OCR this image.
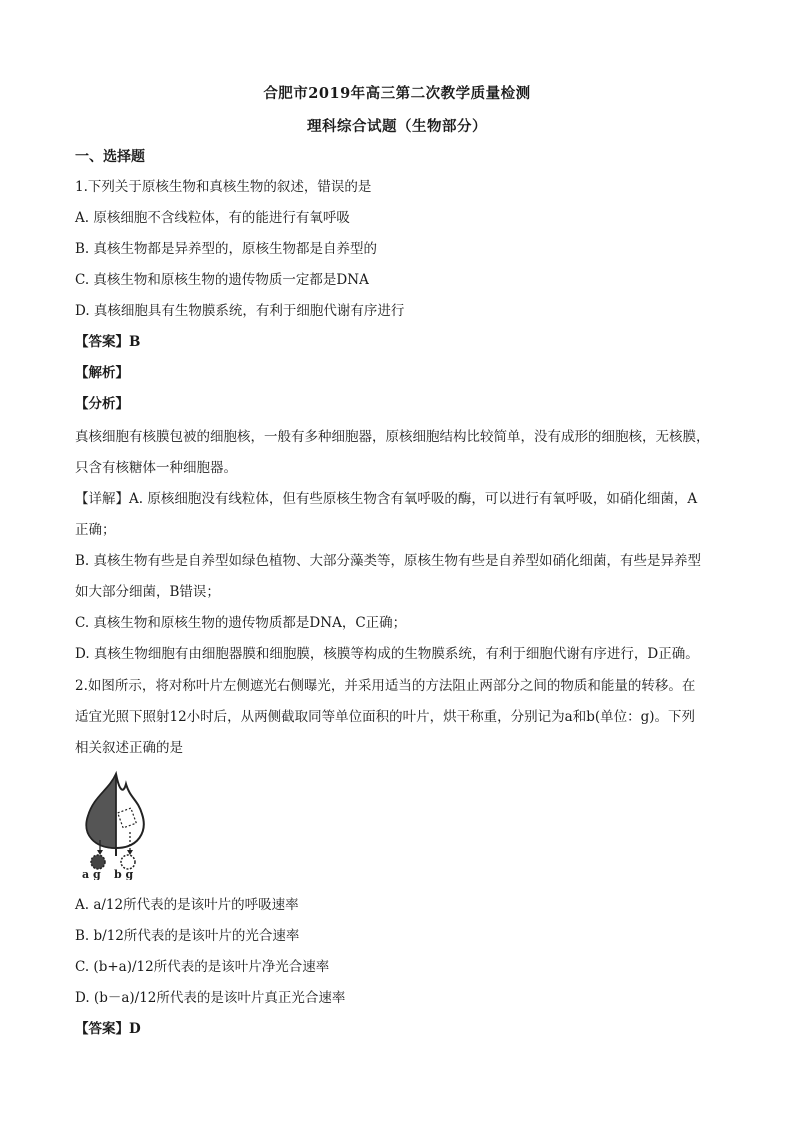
合肥市2019年高三第二次教学质量检测
理科综合试题（生物部分）
一、选择题
1.下列关于原核生物和真核生物的叙述，错误的是
A. 原核细胞不含线粒体，有的能进行有氧呼吸
B. 真核生物都是异养型的，原核生物都是自养型的
C. 真核生物和原核生物的遗传物质一定都是DNA
D. 真核细胞具有生物膜系统，有利于细胞代谢有序进行
【答案】B
【解析】
【分析】
真核细胞有核膜包被的细胞核，一般有多种细胞器，原核细胞结构比较简单，没有成形的细胞核，无核膜，
只含有核糖体一种细胞器。
【详解】A. 原核细胞没有线粒体，但有些原核生物含有氧呼吸的酶，可以进行有氧呼吸，如硝化细菌，A
正确；
B. 真核生物有些是自养型如绿色植物、大部分藻类等，原核生物有些是自养型如硝化细菌，有些是异养型
如大部分细菌，B错误；
C. 真核生物和原核生物的遗传物质都是DNA，C正确；
D. 真核生物细胞有由细胞器膜和细胞膜，核膜等构成的生物膜系统，有利于细胞代谢有序进行，D正确。
2.如图所示，将对称叶片左侧遮光右侧曝光，并采用适当的方法阻止两部分之间的物质和能量的转移。在
适宜光照下照射12小时后，从两侧截取同等单位面积的叶片，烘干称重，分别记为a和b(单位：g)。下列
相关叙述正确的是
a g b g
A. a/12所代表的是该叶片的呼吸速率
B. b/12所代表的是该叶片的光合速率
C. (b+a)/12所代表的是该叶片净光合速率
D. (b－a)/12所代表的是该叶片真正光合速率
【答案】D
